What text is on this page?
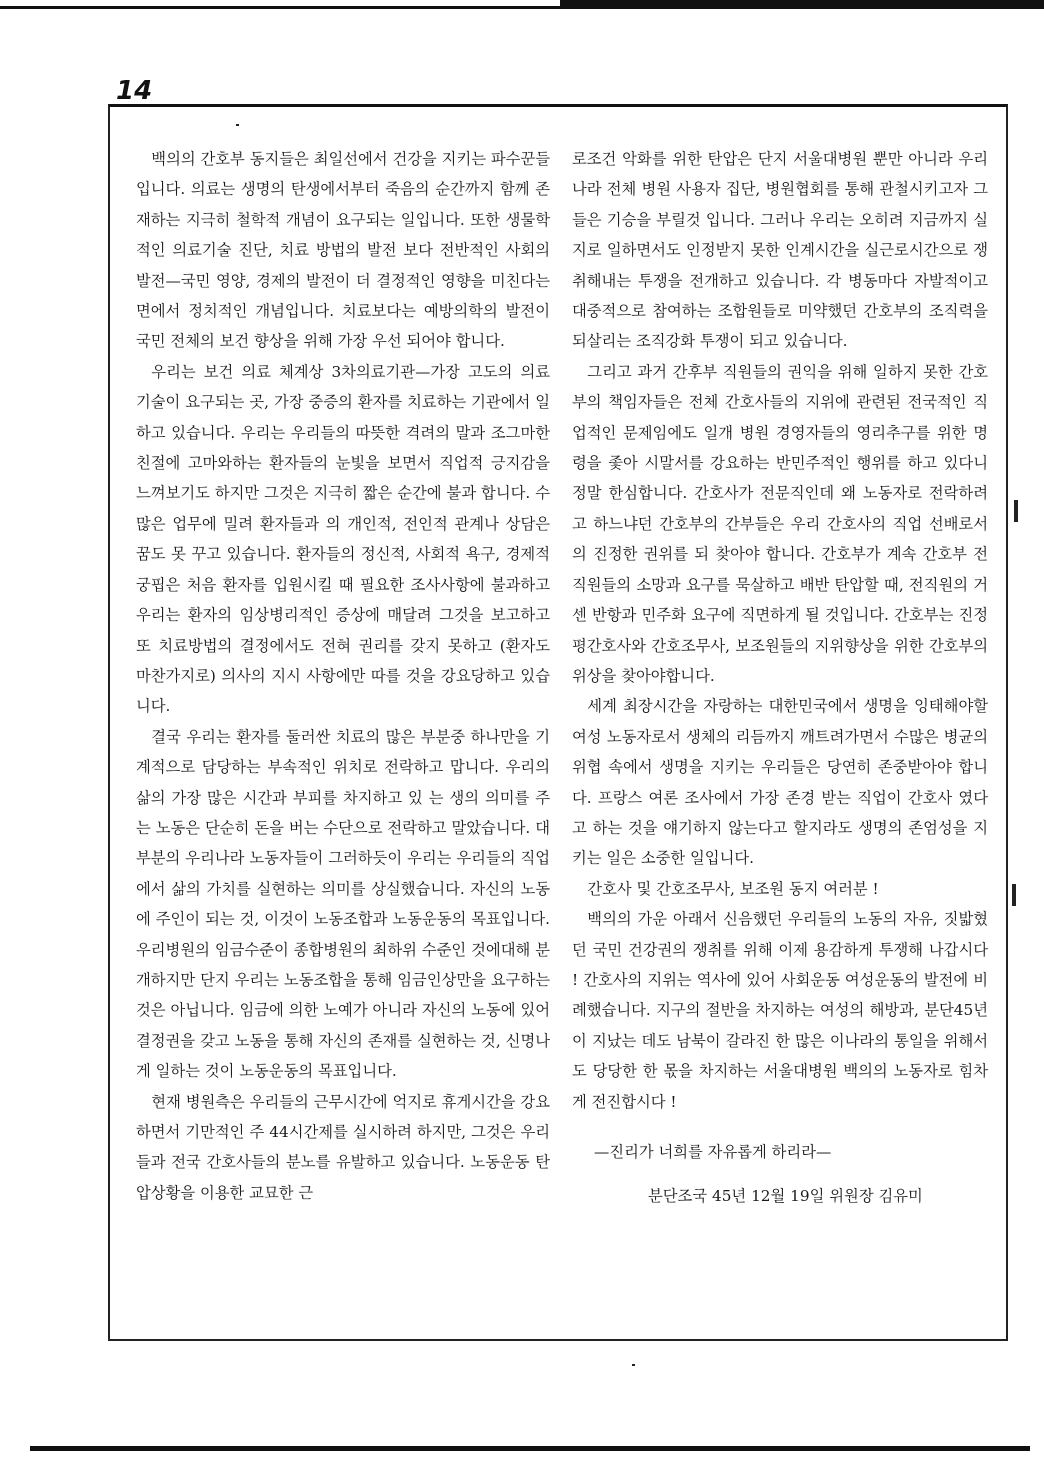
14

백의의 간호부 동지들은 최일선에서 건강을 지키는 파수꾼들입니다. 의료는 생명의 탄생에서부터 죽음의 순간까지 함께 존재하는 지극히 철학적 개념이 요구되는 일입니다. 또한 생물학적인 의료기술 진단, 치료 방법의 발전 보다 전반적인 사회의 발전—국민 영양, 경제의 발전이 더 결정적인 영향을 미친다는 면에서 정치적인 개념입니다. 치료보다는 예방의학의 발전이 국민 전체의 보건 향상을 위해 가장 우선 되어야 합니다.

우리는 보건 의료 체계상 3차의료기관—가장 고도의 의료 기술이 요구되는 곳, 가장 중증의 환자를 치료하는 기관에서 일하고 있습니다. 우리는 우리들의 따뜻한 격려의 말과 조그마한 친절에 고마와하는 환자들의 눈빛을 보면서 직업적 긍지감을 느껴보기도 하지만 그것은 지극히 짧은 순간에 불과 합니다. 수많은 업무에 밀려 환자들과 의 개인적, 전인적 관계나 상담은 꿈도 못 꾸고 있습니다. 환자들의 정신적, 사회적 욕구, 경제적 궁핍은 처음 환자를 입원시킬 때 필요한 조사사항에 불과하고 우리는 환자의 임상병리적인 증상에 매달려 그것을 보고하고 또 치료방법의 결정에서도 전혀 권리를 갖지 못하고 (환자도 마찬가지로) 의사의 지시 사항에만 따를 것을 강요당하고 있습니다.

결국 우리는 환자를 둘러싼 치료의 많은 부분중 하나만을 기계적으로 담당하는 부속적인 위치로 전락하고 맙니다. 우리의 삶의 가장 많은 시간과 부피를 차지하고 있 는 생의 의미를 주는 노동은 단순히 돈을 버는 수단으로 전락하고 말았습니다. 대부분의 우리나라 노동자들이 그러하듯이 우리는 우리들의 직업에서 삶의 가치를 실현하는 의미를 상실했습니다. 자신의 노동에 주인이 되는 것, 이것이 노동조합과 노동운동의 목표입니다. 우리병원의 임금수준이 종합병원의 최하위 수준인 것에대해 분개하지만 단지 우리는 노동조합을 통해 임금인상만을 요구하는 것은 아닙니다. 임금에 의한 노예가 아니라 자신의 노동에 있어 결정권을 갖고 노동을 통해 자신의 존재를 실현하는 것, 신명나게 일하는 것이 노동운동의 목표입니다.

현재 병원측은 우리들의 근무시간에 억지로 휴게시간을 강요하면서 기만적인 주 44시간제를 실시하려 하지만, 그것은 우리들과 전국 간호사들의 분노를 유발하고 있습니다. 노동운동 탄압상황을 이용한 교묘한 근

로조건 악화를 위한 탄압은 단지 서울대병원 뿐만 아니라 우리나라 전체 병원 사용자 집단, 병원협회를 통해 관철시키고자 그들은 기승을 부릴것 입니다. 그러나 우리는 오히려 지금까지 실지로 일하면서도 인정받지 못한 인계시간을 실근로시간으로 쟁취해내는 투쟁을 전개하고 있습니다. 각 병동마다 자발적이고 대중적으로 참여하는 조합원들로 미약했던 간호부의 조직력을 되살리는 조직강화 투쟁이 되고 있습니다.

그리고 과거 간후부 직원들의 권익을 위해 일하지 못한 간호부의 책임자들은 전체 간호사들의 지위에 관련된 전국적인 직업적인 문제임에도 일개 병원 경영자들의 영리추구를 위한 명령을 좇아 시말서를 강요하는 반민주적인 행위를 하고 있다니 정말 한심합니다. 간호사가 전문직인데 왜 노동자로 전락하려고 하느냐던 간호부의 간부들은 우리 간호사의 직업 선배로서의 진정한 권위를 되 찾아야 합니다. 간호부가 계속 간호부 전직원들의 소망과 요구를 묵살하고 배반 탄압할 때, 전직원의 거센 반항과 민주화 요구에 직면하게 될 것입니다. 간호부는 진정 평간호사와 간호조무사, 보조원들의 지위향상을 위한 간호부의 위상을 찾아야합니다.

세계 최장시간을 자랑하는 대한민국에서 생명을 잉태해야할 여성 노동자로서 생체의 리듬까지 깨트려가면서 수많은 병균의 위협 속에서 생명을 지키는 우리들은 당연히 존중받아야 합니다. 프랑스 여론 조사에서 가장 존경 받는 직업이 간호사 였다고 하는 것을 얘기하지 않는다고 할지라도 생명의 존엄성을 지키는 일은 소중한 일입니다.

간호사 및 간호조무사, 보조원 동지 여러분 !

백의의 가운 아래서 신음했던 우리들의 노동의 자유, 짓밟혔던 국민 건강권의 쟁취를 위해 이제 용감하게 투쟁해 나갑시다 ! 간호사의 지위는 역사에 있어 사회운동 여성운동의 발전에 비례했습니다. 지구의 절반을 차지하는 여성의 해방과, 분단45년이 지났는 데도 남북이 갈라진 한 많은 이나라의 통일을 위해서도 당당한 한 몫을 차지하는 서울대병원 백의의 노동자로 힘차게 전진합시다 !

—진리가 너희를 자유롭게 하리라—

분단조국 45년 12월 19일 위원장 김유미
